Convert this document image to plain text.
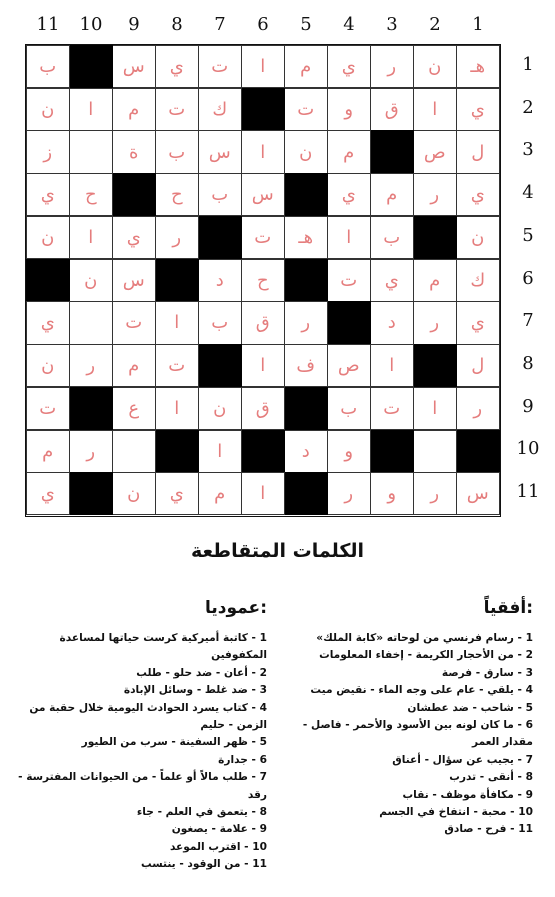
1
2
3
4
5
6
7
8
9
10
11
1
2
3
4
5
6
7
8
9
10
11
هـ
ن
ر
ي
م
ا
ت
ي
س
ب
ي
ا
ق
و
ت
ك
ت
م
ا
ن
ل
ص
م
ن
ا
س
ب
ة
ز
ي
ر
م
ي
س
ب
ح
ح
ي
ن
ب
ا
هـ
ت
ر
ي
ا
ن
ك
م
ي
ت
ح
د
س
ن
ي
ر
د
ر
ق
ب
ا
ت
ي
ل
ا
ص
ف
ا
ت
م
ر
ن
ر
ا
ت
ب
ق
ن
ا
ع
ت
و
د
ا
ر
م
س
ر
و
ر
ا
م
ي
ن
ي
الكلمات المتقاطعة
أفقياً:
عموديا:
1 - رسام فرنسي من لوحاته «كابة الملك»
2 - من الأحجار الكريمة - إخفاء المعلومات
3 - سارق - فرصة
4 - يلقي - عام على وجه الماء - نقيض ميت
5 - شاحب - ضد عطشان
6 - ما كان لونه بين الأسود والأحمر - فاصل - مقدار العمر
7 - يجيب عن سؤال - أعناق
8 - أنقى - تدرب
9 - مكافأة موظف - نقاب
10 - محبة - انتفاخ في الجسم
11 - فرح - صادق
1 - كاتبة أميركية كرست حياتها لمساعدة المكفوفين
2 - أعان - ضد حلو - طلب
3 - ضد غلط - وسائل الإبادة
4 - كتاب يسرد الحوادث اليومية خلال حقبة من الزمن - حليم
5 - ظهر السفينة - سرب من الطيور
6 - جدارة
7 - طلب مالاً أو علماً - من الحيوانات المفترسة - رقد
8 - يتعمق في العلم - جاء
9 - علامة - يصغون
10 - اقترب الموعد
11 - من الوقود - ينتسب
